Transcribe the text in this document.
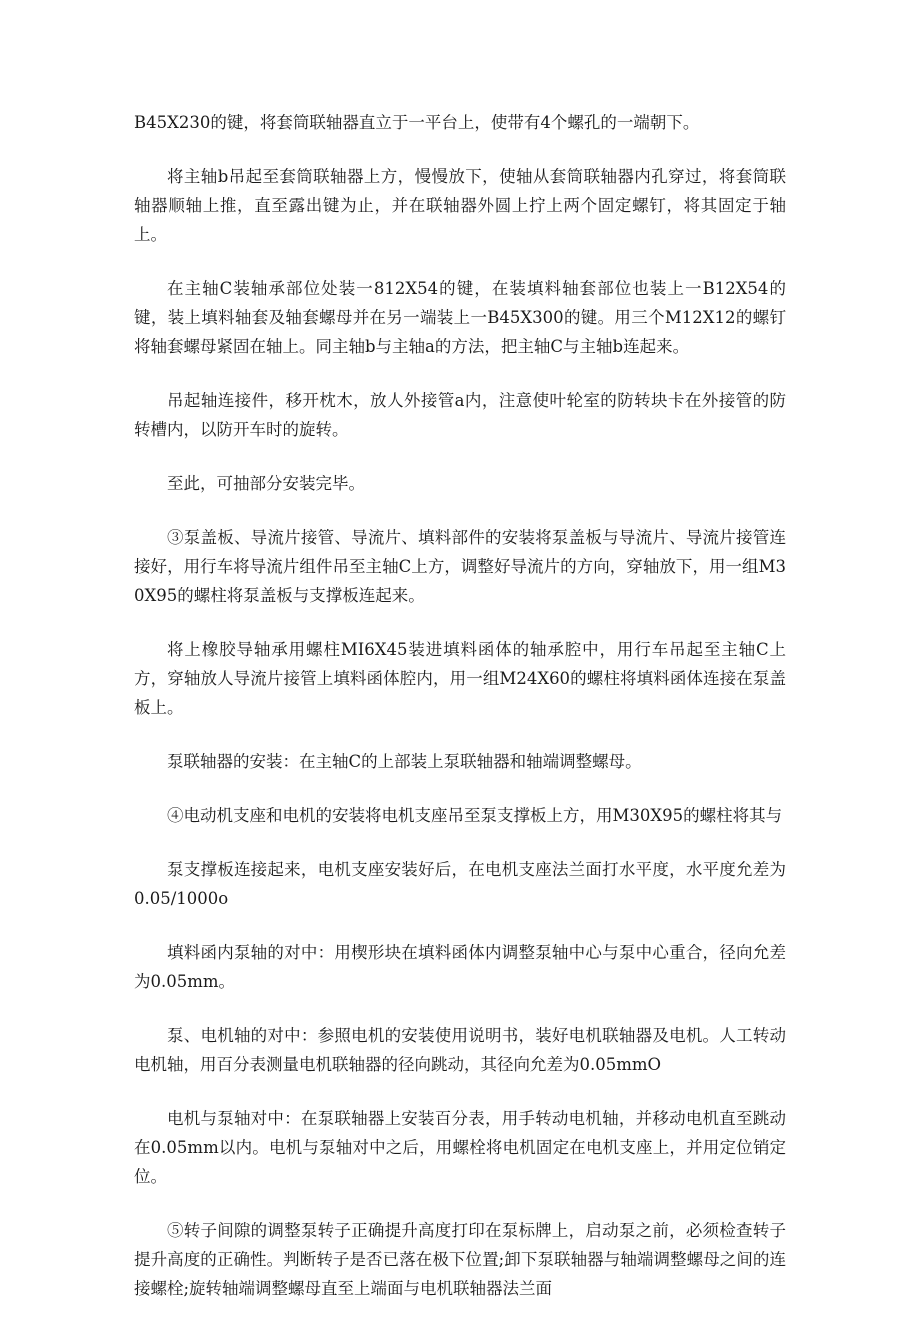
B45X230的键，将套筒联轴器直立于一平台上，使带有4个螺孔的一端朝下。

将主轴b吊起至套筒联轴器上方，慢慢放下，使轴从套筒联轴器内孔穿过，将套筒联轴器顺轴上推，直至露出键为止，并在联轴器外圆上拧上两个固定螺钉，将其固定于轴上。

在主轴C装轴承部位处装一812X54的键，在装填料轴套部位也装上一B12X54的键，装上填料轴套及轴套螺母并在另一端装上一B45X300的键。用三个M12X12的螺钉将轴套螺母紧固在轴上。同主轴b与主轴a的方法，把主轴C与主轴b连起来。

吊起轴连接件，移开枕木，放人外接管a内，注意使叶轮室的防转块卡在外接管的防转槽内，以防开车时的旋转。

至此，可抽部分安装完毕。

③泵盖板、导流片接管、导流片、填料部件的安装将泵盖板与导流片、导流片接管连接好，用行车将导流片组件吊至主轴C上方，调整好导流片的方向，穿轴放下，用一组M30X95的螺柱将泵盖板与支撑板连起来。

将上橡胶导轴承用螺柱MI6X45装进填料函体的轴承腔中，用行车吊起至主轴C上方，穿轴放人导流片接管上填料函体腔内，用一组M24X60的螺柱将填料函体连接在泵盖板上。

泵联轴器的安装：在主轴C的上部装上泵联轴器和轴端调整螺母。

④电动机支座和电机的安装将电机支座吊至泵支撑板上方，用M30X95的螺柱将其与

泵支撑板连接起来，电机支座安装好后，在电机支座法兰面打水平度，水平度允差为0.05/1000o

填料函内泵轴的对中：用楔形块在填料函体内调整泵轴中心与泵中心重合，径向允差为0.05mm。

泵、电机轴的对中：参照电机的安装使用说明书，装好电机联轴器及电机。人工转动电机轴，用百分表测量电机联轴器的径向跳动，其径向允差为0.05mmO

电机与泵轴对中：在泵联轴器上安装百分表，用手转动电机轴，并移动电机直至跳动在0.05mm以内。电机与泵轴对中之后，用螺栓将电机固定在电机支座上，并用定位销定位。

⑤转子间隙的调整泵转子正确提升高度打印在泵标牌上，启动泵之前，必须检查转子提升高度的正确性。判断转子是否已落在极下位置;卸下泵联轴器与轴端调整螺母之间的连接螺栓;旋转轴端调整螺母直至上端面与电机联轴器法兰面
